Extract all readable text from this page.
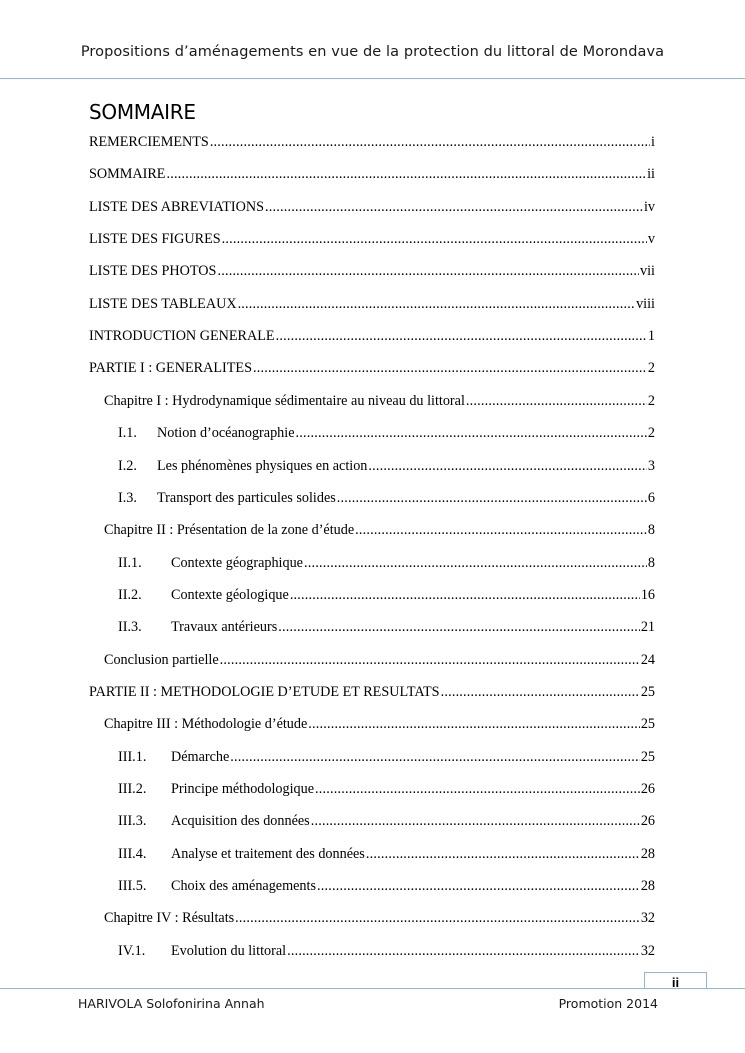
Propositions d’aménagements en vue de la protection du littoral de Morondava
SOMMAIRE
REMERCIEMENTS .....	i
SOMMAIRE .....	ii
LISTE DES ABREVIATIONS .....	iv
LISTE DES FIGURES .....	v
LISTE DES PHOTOS .....	vii
LISTE DES TABLEAUX .....	viii
INTRODUCTION GENERALE .....	1
PARTIE I : GENERALITES .....	2
Chapitre I : Hydrodynamique sédimentaire au niveau du littoral .....	2
I.1.	Notion d’océanographie .....	2
I.2.	Les phénomènes physiques en action .....	3
I.3.	Transport des particules solides .....	6
Chapitre II : Présentation de la zone d’étude .....	8
II.1.	Contexte géographique .....	8
II.2.	Contexte géologique .....	16
II.3.	Travaux antérieurs .....	21
Conclusion partielle .....	24
PARTIE II : METHODOLOGIE D’ETUDE ET RESULTATS .....	25
Chapitre III : Méthodologie d’étude .....	25
III.1.	Démarche .....	25
III.2.	Principe méthodologique .....	26
III.3.	Acquisition des données .....	26
III.4.	Analyse et traitement des données .....	28
III.5.	Choix des aménagements .....	28
Chapitre IV : Résultats .....	32
IV.1.	Evolution du littoral .....	32
ii
HARIVOLA Solofonirina Annah	Promotion 2014
